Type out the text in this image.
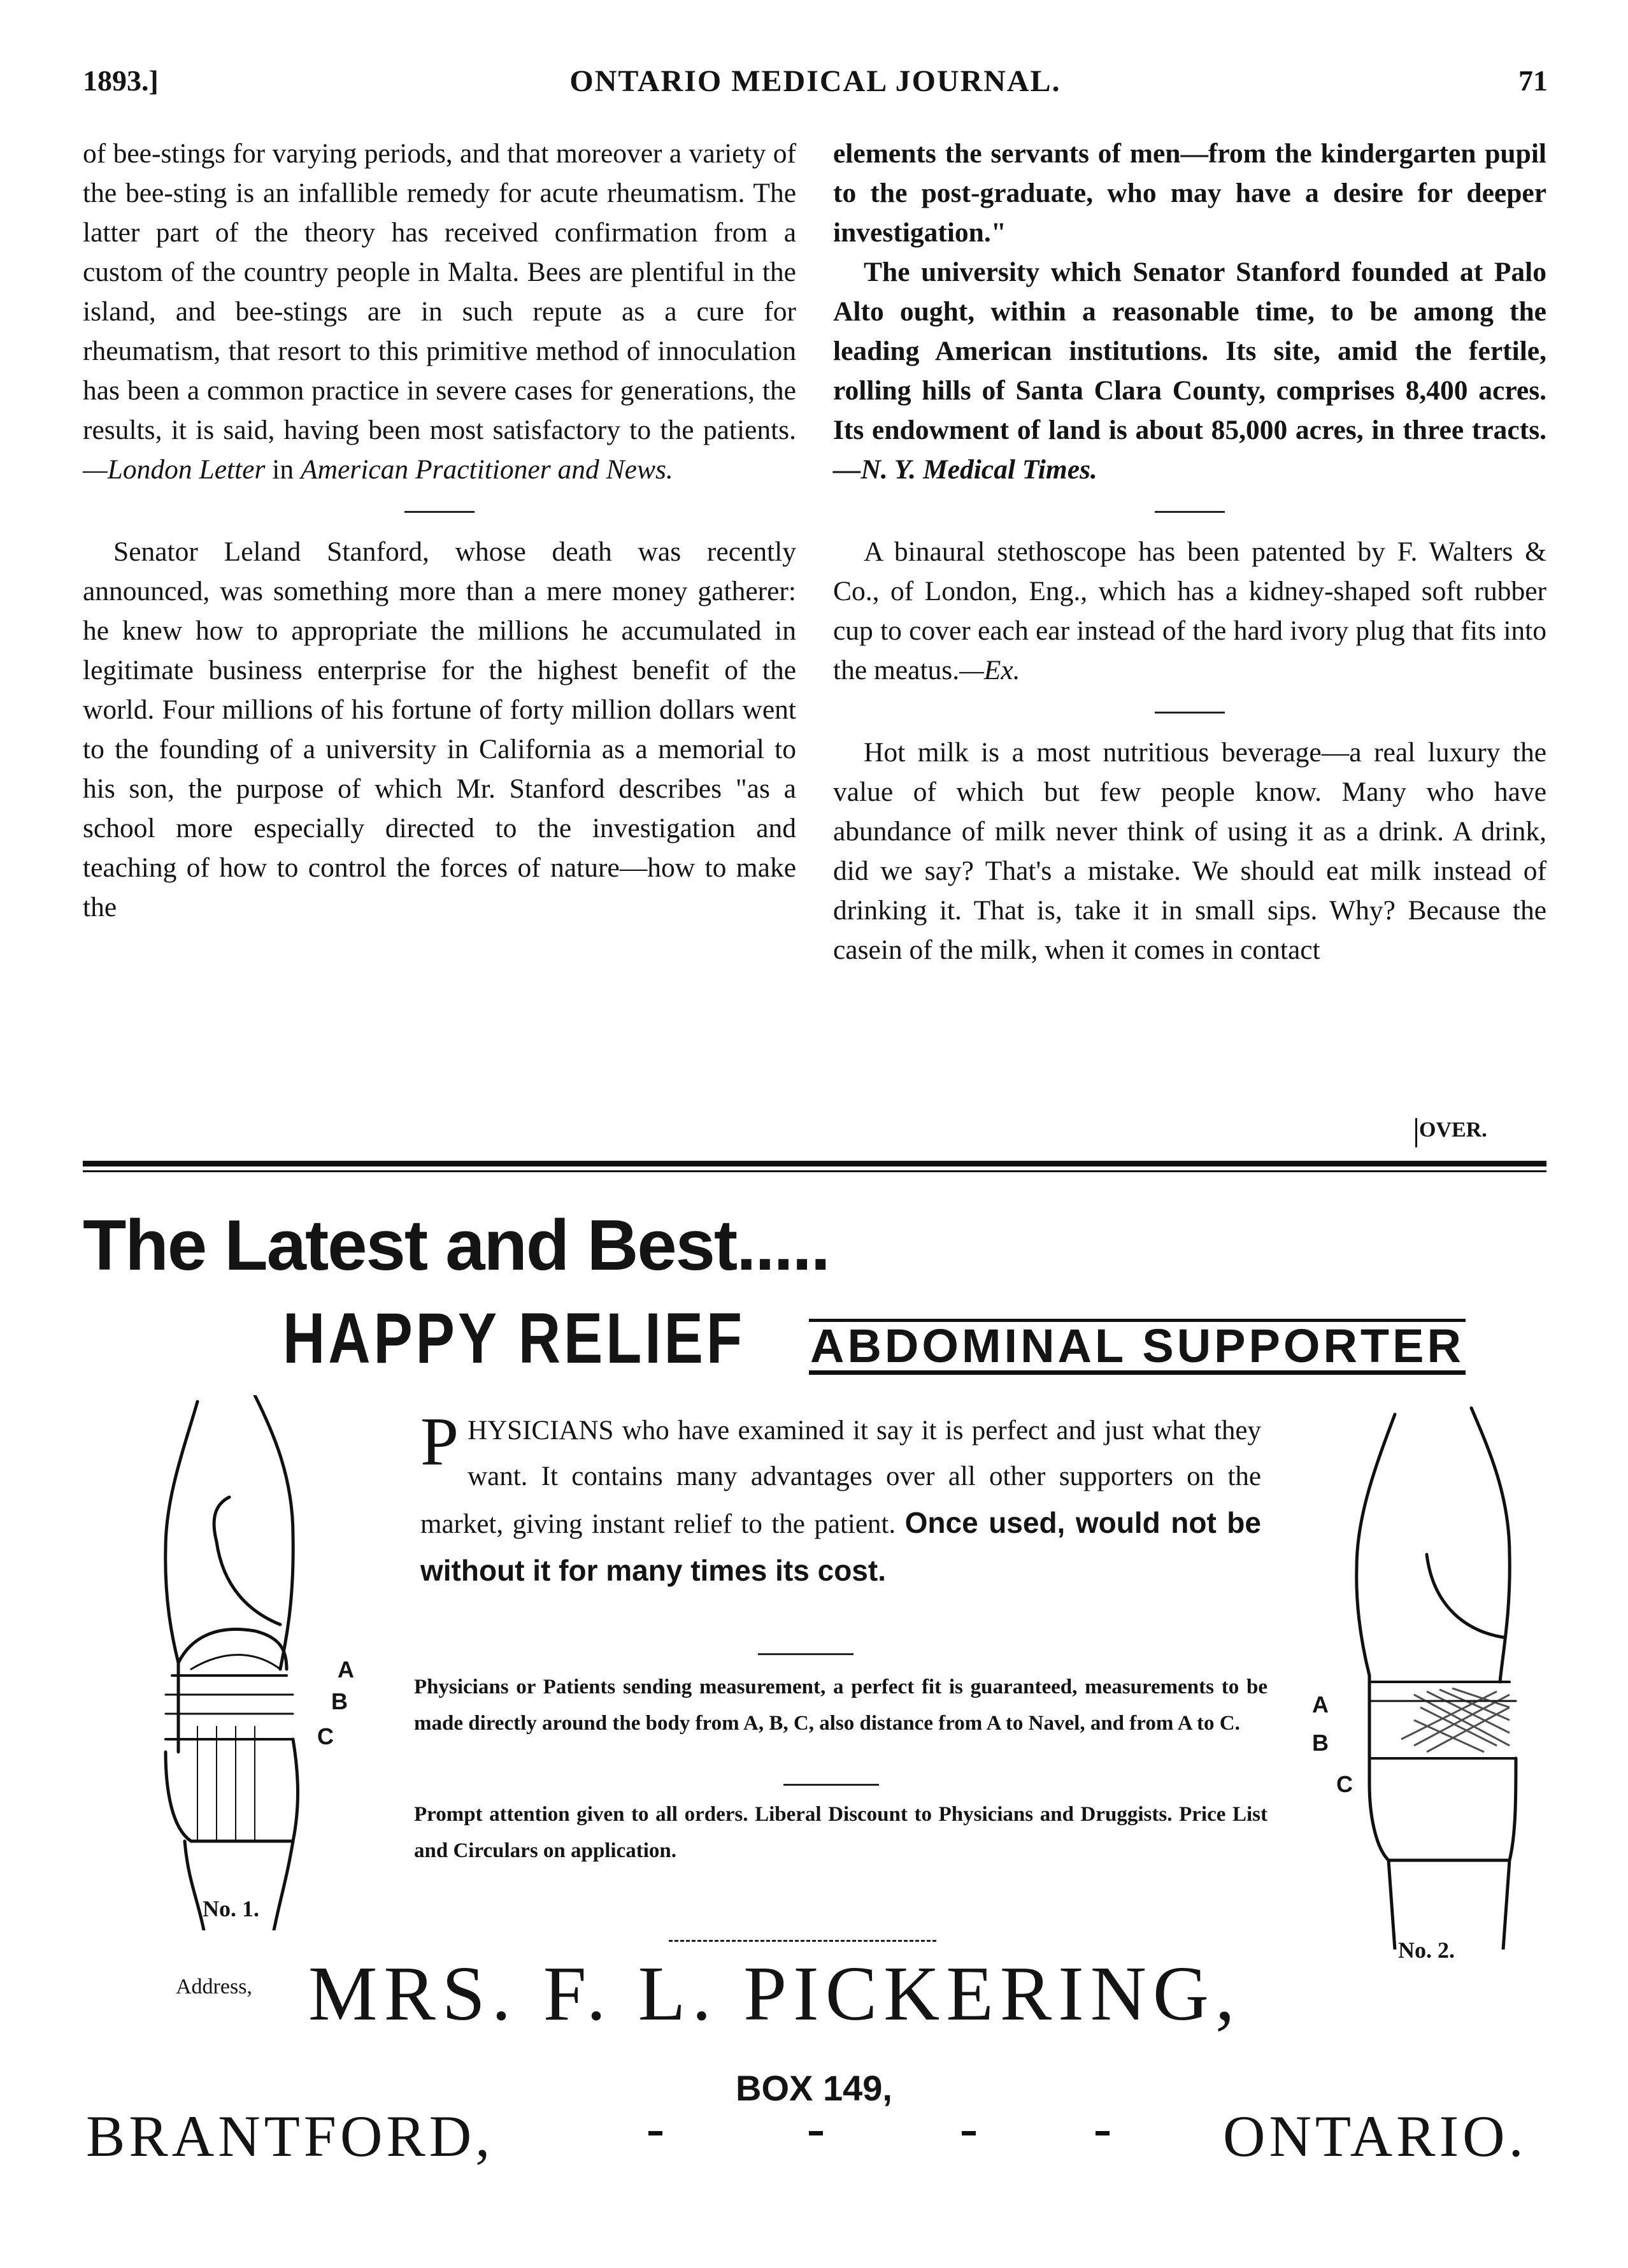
1893.]	ONTARIO MEDICAL JOURNAL.	71

of bee-stings for varying periods, and that moreover a variety of the bee-sting is an infallible remedy for acute rheumatism. The latter part of the theory has received confirmation from a custom of the country people in Malta. Bees are plentiful in the island, and bee-stings are in such repute as a cure for rheumatism, that resort to this primitive method of innoculation has been a common practice in severe cases for generations, the results, it is said, having been most satisfactory to the patients.—London Letter in American Practitioner and News.

Senator Leland Stanford, whose death was recently announced, was something more than a mere money gatherer: he knew how to appropriate the millions he accumulated in legitimate business enterprise for the highest benefit of the world. Four millions of his fortune of forty million dollars went to the founding of a university in California as a memorial to his son, the purpose of which Mr. Stanford describes "as a school more especially directed to the investigation and teaching of how to control the forces of nature—how to make the

elements the servants of men—from the kindergarten pupil to the post-graduate, who may have a desire for deeper investigation."

The university which Senator Stanford founded at Palo Alto ought, within a reasonable time, to be among the leading American institutions. Its site, amid the fertile, rolling hills of Santa Clara County, comprises 8,400 acres. Its endowment of land is about 85,000 acres, in three tracts.—N. Y. Medical Times.

A binaural stethoscope has been patented by F. Walters & Co., of London, Eng., which has a kidney-shaped soft rubber cup to cover each ear instead of the hard ivory plug that fits into the meatus.—Ex.

Hot milk is a most nutritious beverage—a real luxury the value of which but few people know. Many who have abundance of milk never think of using it as a drink. A drink, did we say? That's a mistake. We should eat milk instead of drinking it. That is, take it in small sips. Why? Because the casein of the milk, when it comes in contact

OVER.
The Latest and Best.....
HAPPY RELIEF ABDOMINAL SUPPORTER
A
B
C
No. 1.
A
B
C
No. 2.
PHYSICIANS who have examined it say it is perfect and just what they want. It contains many advantages over all other supporters on the market, giving instant relief to the patient. Once used, would not be without it for many times its cost.
Physicians or Patients sending measurement, a perfect fit is guaranteed, measurements to be made directly around the body from A, B, C, also distance from A to Navel, and from A to C.
Prompt attention given to all orders. Liberal Discount to Physicians and Druggists. Price List and Circulars on application.
Address, MRS. F. L. PICKERING,
BOX 149,
BRANTFORD,	ONTARIO.
